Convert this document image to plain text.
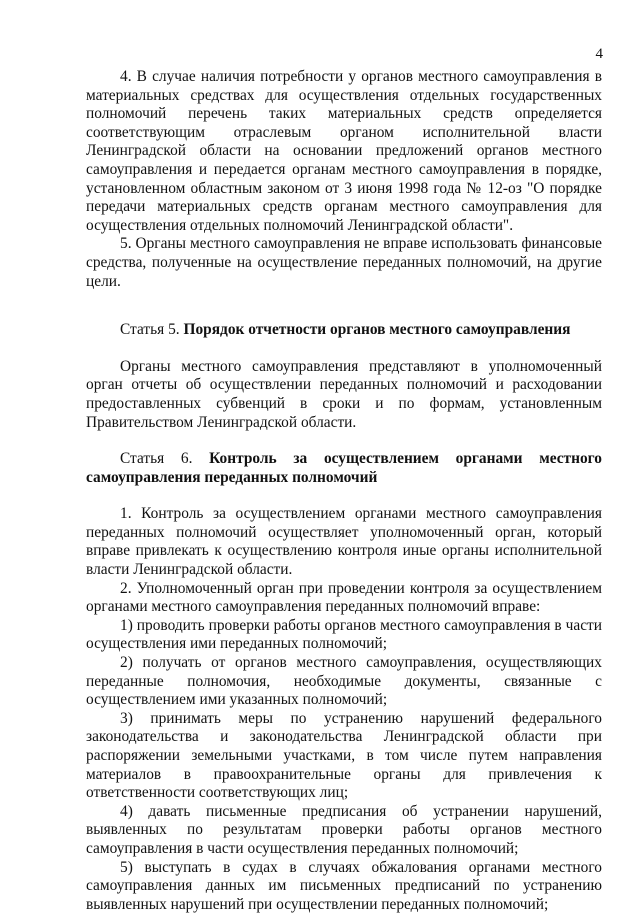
4

4. В случае наличия потребности у органов местного самоуправления в материальных средствах для осуществления отдельных государственных полномочий перечень таких материальных средств определяется соответствующим отраслевым органом исполнительной власти Ленинградской области на основании предложений органов местного самоуправления и передается органам местного самоуправления в порядке, установленном областным законом от 3 июня 1998 года № 12-оз "О порядке передачи материальных средств органам местного самоуправления для осуществления отдельных полномочий Ленинградской области".

5. Органы местного самоуправления не вправе использовать финансовые средства, полученные на осуществление переданных полномочий, на другие цели.

Статья 5. Порядок отчетности органов местного самоуправления

Органы местного самоуправления представляют в уполномоченный орган отчеты об осуществлении переданных полномочий и расходовании предоставленных субвенций в сроки и по формам, установленным Правительством Ленинградской области.

Статья 6. Контроль за осуществлением органами местного самоуправления переданных полномочий

1. Контроль за осуществлением органами местного самоуправления переданных полномочий осуществляет уполномоченный орган, который вправе привлекать к осуществлению контроля иные органы исполнительной власти Ленинградской области.

2. Уполномоченный орган при проведении контроля за осуществлением органами местного самоуправления переданных полномочий вправе:

1) проводить проверки работы органов местного самоуправления в части осуществления ими переданных полномочий;

2) получать от органов местного самоуправления, осуществляющих переданные полномочия, необходимые документы, связанные с осуществлением ими указанных полномочий;

3) принимать меры по устранению нарушений федерального законодательства и законодательства Ленинградской области при распоряжении земельными участками, в том числе путем направления материалов в правоохранительные органы для привлечения к ответственности соответствующих лиц;

4) давать письменные предписания об устранении нарушений, выявленных по результатам проверки работы органов местного самоуправления в части осуществления переданных полномочий;

5) выступать в судах в случаях обжалования органами местного самоуправления данных им письменных предписаний по устранению выявленных нарушений при осуществлении переданных полномочий;
